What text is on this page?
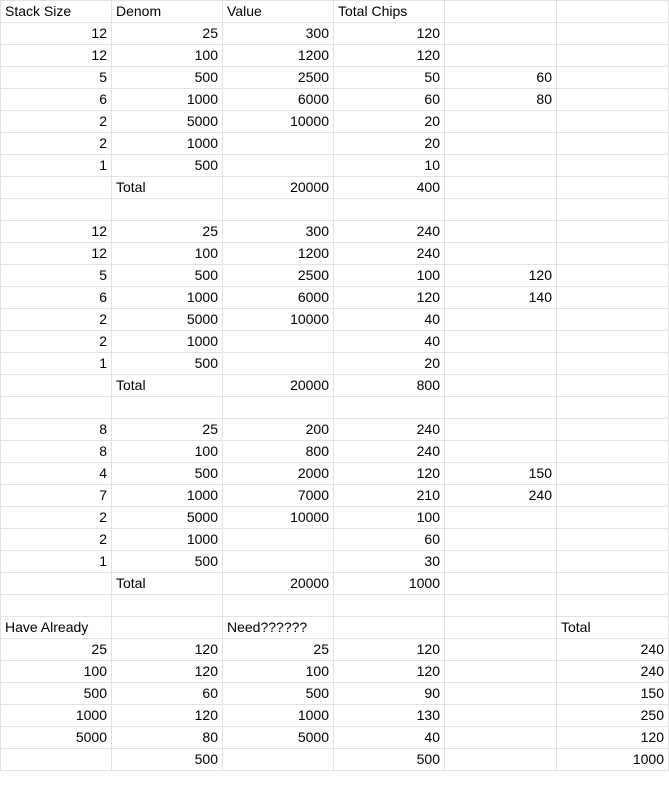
Stack Size	Denom	Value	Total Chips		
12	25	300	120		
12	100	1200	120		
5	500	2500	50	60	
6	1000	6000	60	80	
2	5000	10000	20		
2	1000		20		
1	500		10		
	Total	20000	400		

12	25	300	240		
12	100	1200	240		
5	500	2500	100	120	
6	1000	6000	120	140	
2	5000	10000	40		
2	1000		40		
1	500		20		
	Total	20000	800		

8	25	200	240		
8	100	800	240		
4	500	2000	120	150	
7	1000	7000	210	240	
2	5000	10000	100		
2	1000		60		
1	500		30		
	Total	20000	1000		

Have Already		Need??????			Total
25	120	25	120		240
100	120	100	120		240
500	60	500	90		150
1000	120	1000	130		250
5000	80	5000	40		120
	500		500		1000
